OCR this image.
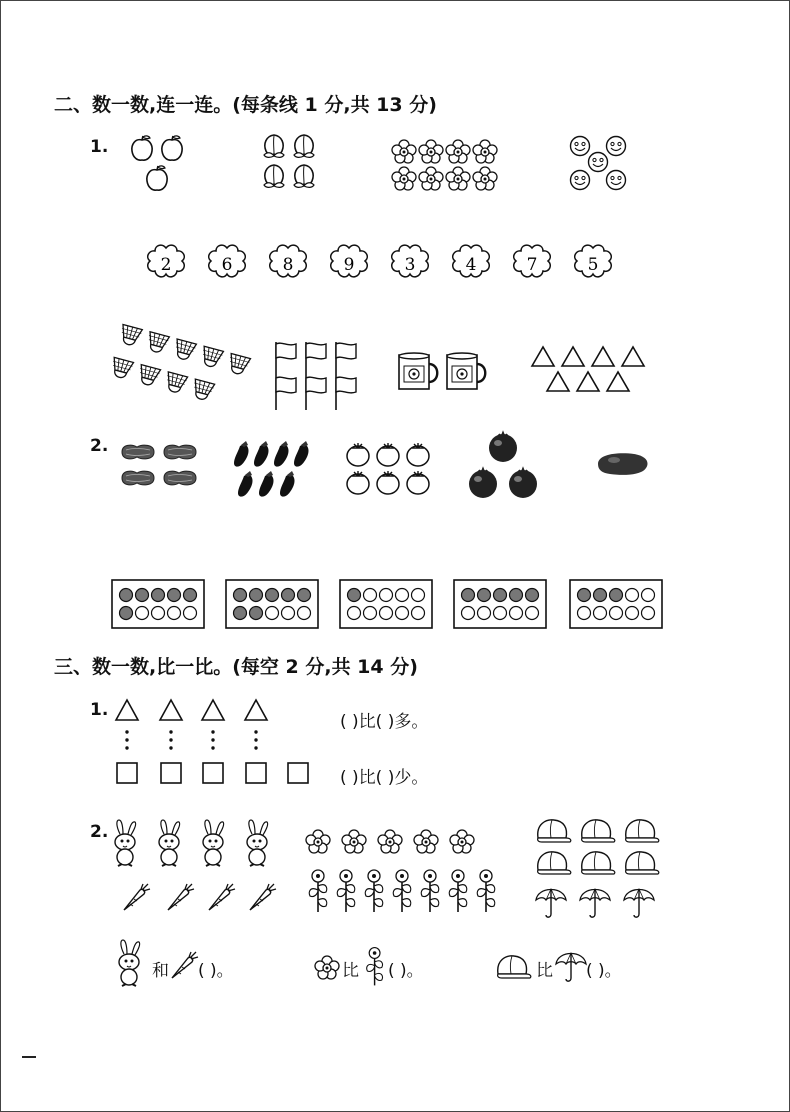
二、数一数,连一连。(每条线 1 分,共 13 分)
1.
2	6	8	9	3	4	7	5
2.
三、数一数,比一比。(每空 2 分,共 14 分)
1.
( )比( )多。
( )比( )少。
2.
和 ( )。	比 ( )。	比 ( )。
